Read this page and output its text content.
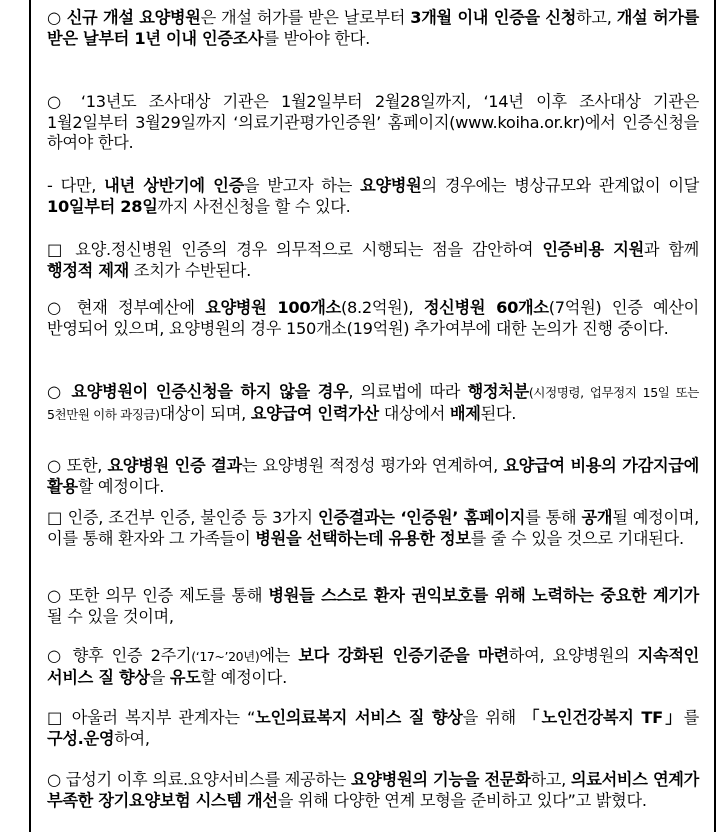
○ 신규 개설 요양병원은 개설 허가를 받은 날로부터 3개월 이내 인증을 신청하고, 개설 허가를 받은 날부터 1년 이내 인증조사를 받아야 한다.

○ ‘13년도 조사대상 기관은 1월2일부터 2월28일까지, ‘14년 이후 조사대상 기관은 1월2일부터 3월29일까지 ‘의료기관평가인증원’ 홈페이지(www.koiha.or.kr)에서 인증신청을 하여야 한다.

- 다만, 내년 상반기에 인증을 받고자 하는 요양병원의 경우에는 병상규모와 관계없이 이달 10일부터 28일까지 사전신청을 할 수 있다.

□ 요양.정신병원 인증의 경우 의무적으로 시행되는 점을 감안하여 인증비용 지원과 함께 행정적 제재 조치가 수반된다.

○ 현재 정부예산에 요양병원 100개소(8.2억원), 정신병원 60개소(7억원) 인증 예산이 반영되어 있으며, 요양병원의 경우 150개소(19억원) 추가여부에 대한 논의가 진행 중이다.

○ 요양병원이 인증신청을 하지 않을 경우, 의료법에 따라 행정처분(시정명령, 업무정지 15일 또는 5천만원 이하 과징금)대상이 되며, 요양급여 인력가산 대상에서 배제된다.

○ 또한, 요양병원 인증 결과는 요양병원 적정성 평가와 연계하여, 요양급여 비용의 가감지급에 활용할 예정이다.

□ 인증, 조건부 인증, 불인증 등 3가지 인증결과는 ‘인증원’ 홈페이지를 통해 공개될 예정이며, 이를 통해 환자와 그 가족들이 병원을 선택하는데 유용한 정보를 줄 수 있을 것으로 기대된다.

○ 또한 의무 인증 제도를 통해 병원들 스스로 환자 권익보호를 위해 노력하는 중요한 계기가 될 수 있을 것이며,

○ 향후 인증 2주기(‘17~’20년)에는 보다 강화된 인증기준을 마련하여, 요양병원의 지속적인 서비스 질 향상을 유도할 예정이다.

□ 아울러 복지부 관계자는 “노인의료복지 서비스 질 향상을 위해 「노인건강복지 TF」를 구성.운영하여,

○ 급성기 이후 의료.요양서비스를 제공하는 요양병원의 기능을 전문화하고, 의료서비스 연계가 부족한 장기요양보험 시스템 개선을 위해 다양한 연계 모형을 준비하고 있다”고 밝혔다.
